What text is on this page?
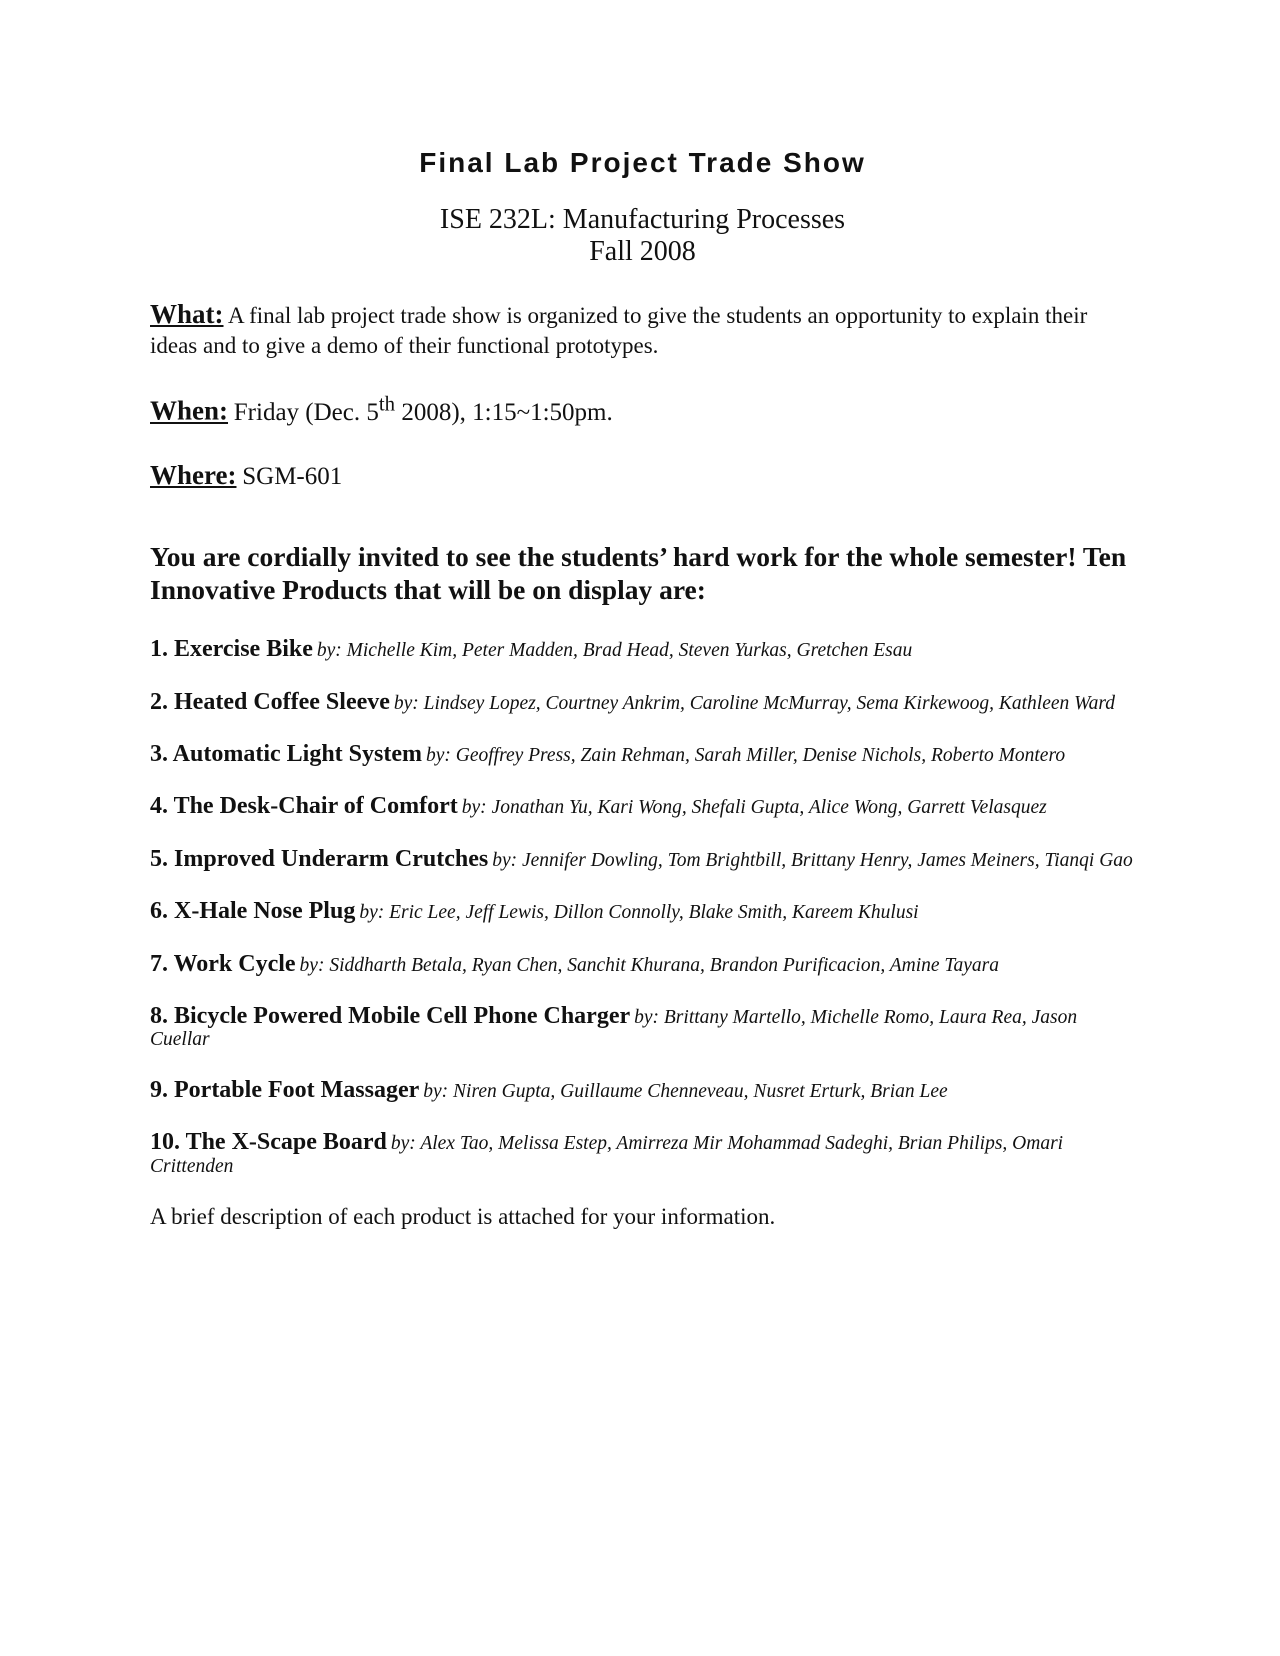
Final Lab Project Trade Show
ISE 232L: Manufacturing Processes
Fall 2008
What: A final lab project trade show is organized to give the students an opportunity to explain their ideas and to give a demo of their functional prototypes.
When: Friday (Dec. 5th 2008), 1:15~1:50pm.
Where: SGM-601
You are cordially invited to see the students’ hard work for the whole semester! Ten Innovative Products that will be on display are:
1. Exercise Bike by: Michelle Kim, Peter Madden, Brad Head, Steven Yurkas, Gretchen Esau
2. Heated Coffee Sleeve by: Lindsey Lopez, Courtney Ankrim, Caroline McMurray, Sema Kirkewoog, Kathleen Ward
3. Automatic Light System by: Geoffrey Press, Zain Rehman, Sarah Miller, Denise Nichols, Roberto Montero
4. The Desk-Chair of Comfort by: Jonathan Yu, Kari Wong, Shefali Gupta, Alice Wong, Garrett Velasquez
5. Improved Underarm Crutches by: Jennifer Dowling, Tom Brightbill, Brittany Henry, James Meiners, Tianqi Gao
6. X-Hale Nose Plug by: Eric Lee, Jeff Lewis, Dillon Connolly, Blake Smith, Kareem Khulusi
7. Work Cycle by: Siddharth Betala, Ryan Chen, Sanchit Khurana, Brandon Purificacion, Amine Tayara
8. Bicycle Powered Mobile Cell Phone Charger by: Brittany Martello, Michelle Romo, Laura Rea, Jason Cuellar
9. Portable Foot Massager by: Niren Gupta, Guillaume Chenneveau, Nusret Erturk, Brian Lee
10. The X-Scape Board by: Alex Tao, Melissa Estep, Amirreza Mir Mohammad Sadeghi, Brian Philips, Omari Crittenden
A brief description of each product is attached for your information.
